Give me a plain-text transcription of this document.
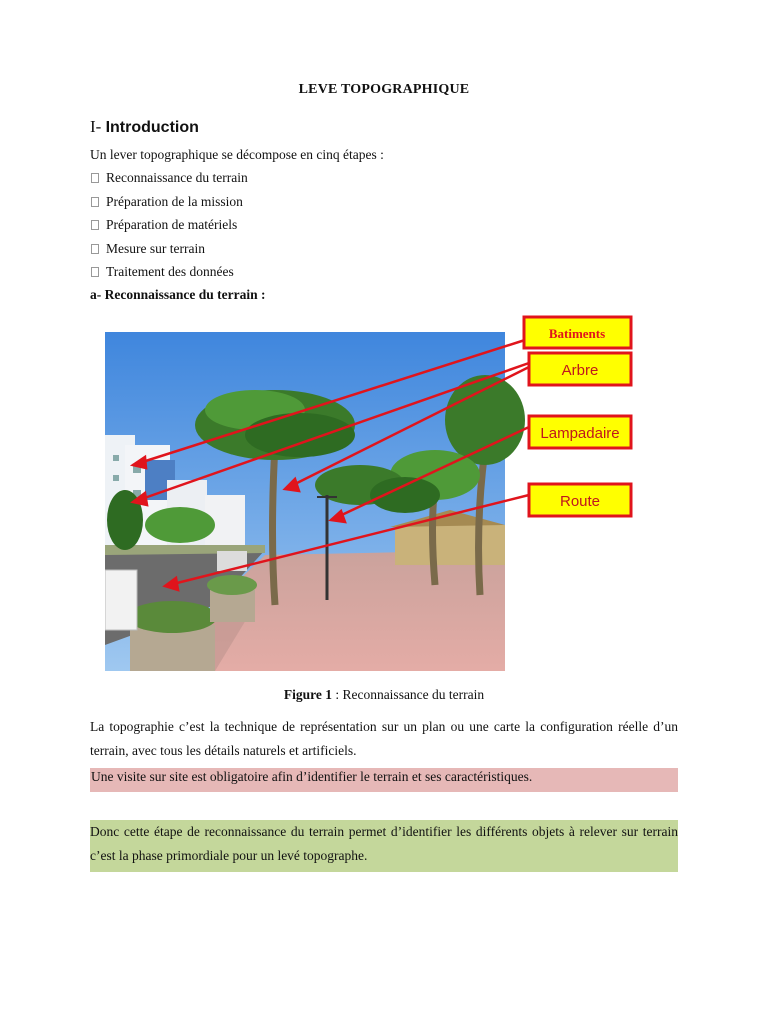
LEVE TOPOGRAPHIQUE
I- Introduction
Un lever topographique se décompose en cinq étapes :
Reconnaissance du terrain
Préparation de la mission
Préparation de matériels
Mesure sur terrain
Traitement des données
a- Reconnaissance du terrain :
Batiments
Arbre
Lampadaire
Route
Figure 1 : Reconnaissance du terrain
La topographie c’est la technique de représentation sur un plan ou une carte la configuration réelle d’un terrain, avec tous les détails naturels et artificiels.
Une visite sur site est obligatoire afin d’identifier le terrain et ses caractéristiques.
Donc cette étape de reconnaissance du terrain permet d’identifier les différents objets à relever sur terrain c’est la phase primordiale pour un levé topographe.
